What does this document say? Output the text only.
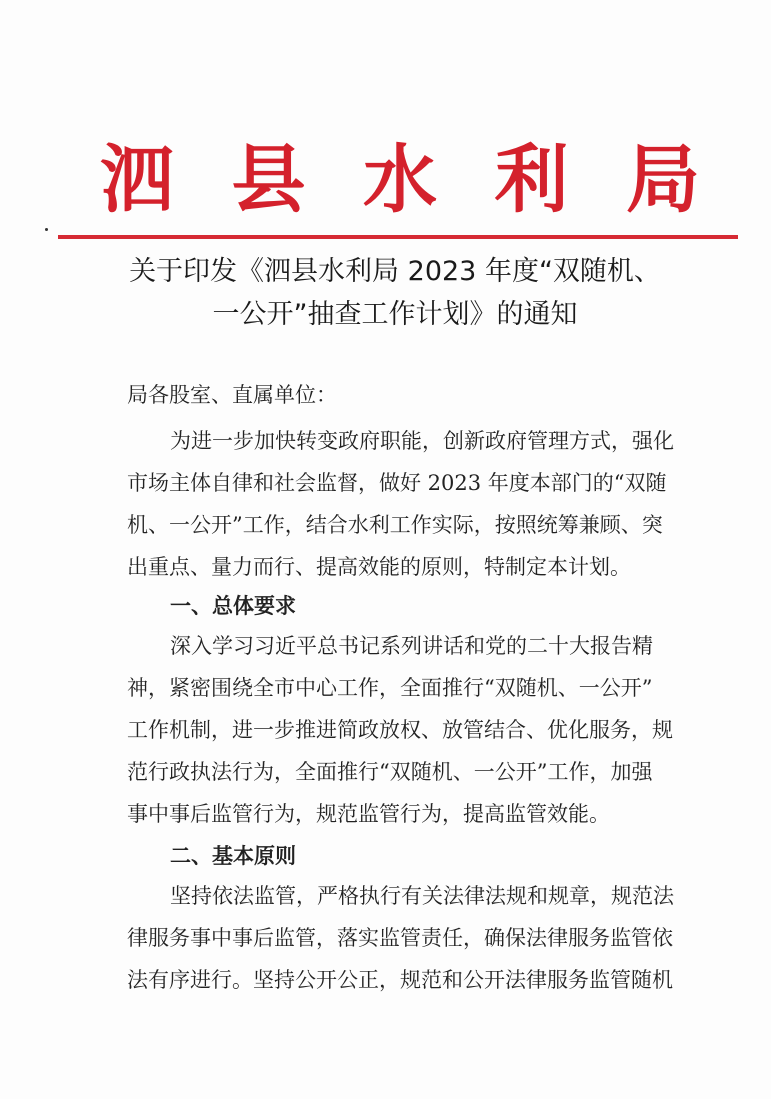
泗 县 水 利 局
关于印发《泗县水利局 2023 年度“双随机、
一公开”抽查工作计划》的通知
局各股室、直属单位：
为进一步加快转变政府职能，创新政府管理方式，强化
市场主体自律和社会监督，做好 2023 年度本部门的“双随
机、一公开”工作，结合水利工作实际，按照统筹兼顾、突
出重点、量力而行、提高效能的原则，特制定本计划。
一、总体要求
深入学习习近平总书记系列讲话和党的二十大报告精
神，紧密围绕全市中心工作，全面推行“双随机、一公开”
工作机制，进一步推进简政放权、放管结合、优化服务，规
范行政执法行为，全面推行“双随机、一公开”工作，加强
事中事后监管行为，规范监管行为，提高监管效能。
二、基本原则
坚持依法监管，严格执行有关法律法规和规章，规范法
律服务事中事后监管，落实监管责任，确保法律服务监管依
法有序进行。坚持公开公正，规范和公开法律服务监管随机
